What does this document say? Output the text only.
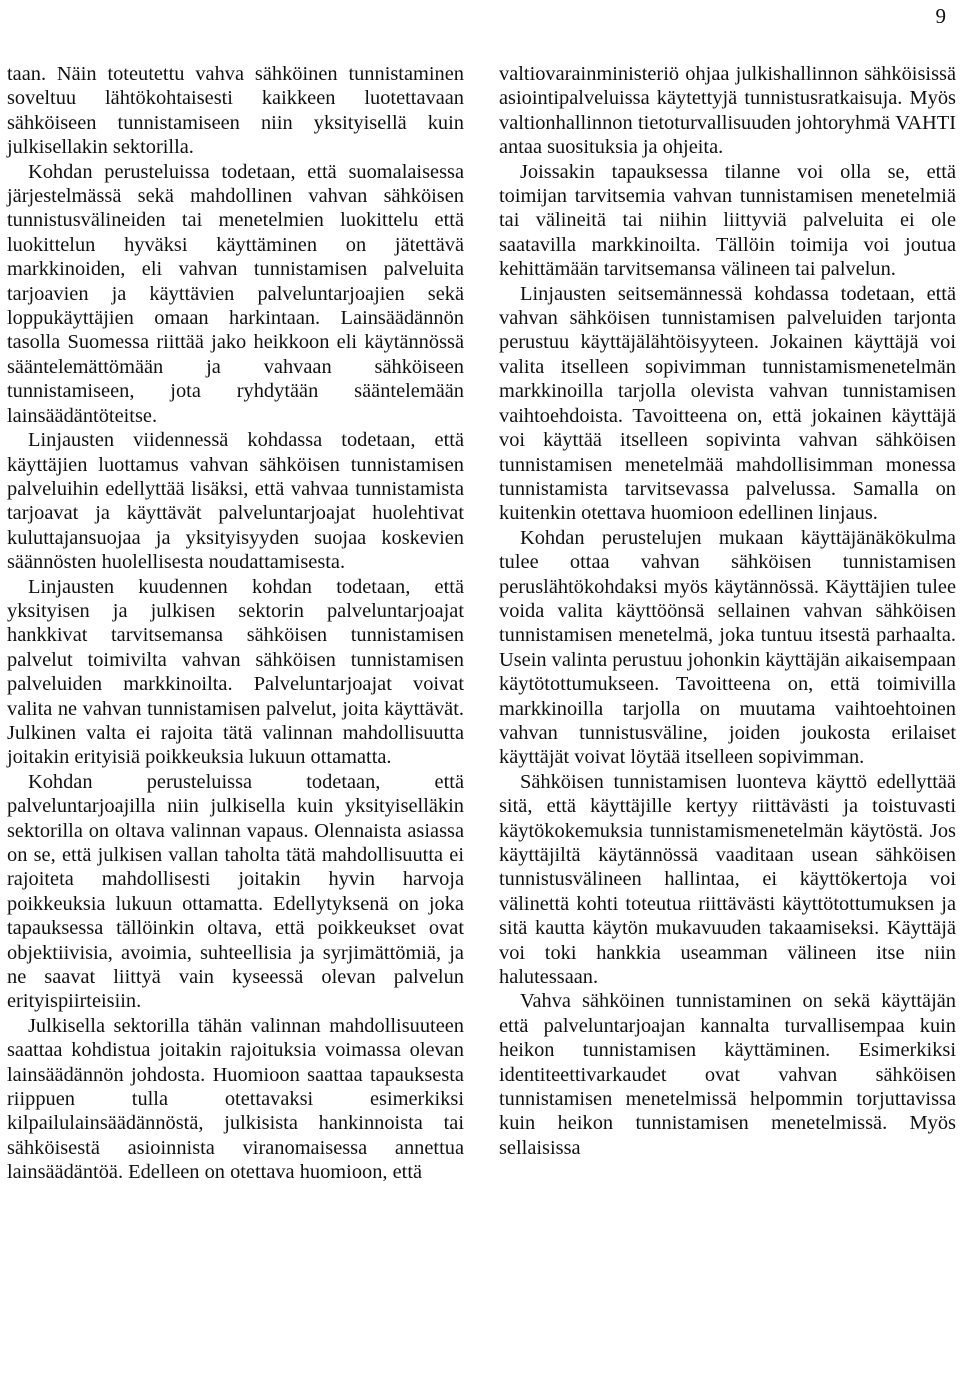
9

taan. Näin toteutettu vahva sähköinen tunnistaminen soveltuu lähtökohtaisesti kaikkeen luotettavaan sähköiseen tunnistamiseen niin yksityisellä kuin julkisellakin sektorilla.

Kohdan perusteluissa todetaan, että suomalaisessa järjestelmässä sekä mahdollinen vahvan sähköisen tunnistusvälineiden tai menetelmien luokittelu että luokittelun hyväksi käyttäminen on jätettävä markkinoiden, eli vahvan tunnistamisen palveluita tarjoavien ja käyttävien palveluntarjoajien sekä loppukäyttäjien omaan harkintaan. Lainsäädännön tasolla Suomessa riittää jako heikkoon eli käytännössä sääntelemättömään ja vahvaan sähköiseen tunnistamiseen, jota ryhdytään sääntelemään lainsäädäntöteitse.

Linjausten viidennessä kohdassa todetaan, että käyttäjien luottamus vahvan sähköisen tunnistamisen palveluihin edellyttää lisäksi, että vahvaa tunnistamista tarjoavat ja käyttävät palveluntarjoajat huolehtivat kuluttajansuojaa ja yksityisyyden suojaa koskevien säännösten huolellisesta noudattamisesta.

Linjausten kuudennen kohdan todetaan, että yksityisen ja julkisen sektorin palveluntarjoajat hankkivat tarvitsemansa sähköisen tunnistamisen palvelut toimivilta vahvan sähköisen tunnistamisen palveluiden markkinoilta. Palveluntarjoajat voivat valita ne vahvan tunnistamisen palvelut, joita käyttävät. Julkinen valta ei rajoita tätä valinnan mahdollisuutta joitakin erityisiä poikkeuksia lukuun ottamatta.

Kohdan perusteluissa todetaan, että palveluntarjoajilla niin julkisella kuin yksityiselläkin sektorilla on oltava valinnan vapaus. Olennaista asiassa on se, että julkisen vallan taholta tätä mahdollisuutta ei rajoiteta mahdollisesti joitakin hyvin harvoja poikkeuksia lukuun ottamatta. Edellytyksenä on joka tapauksessa tällöinkin oltava, että poikkeukset ovat objektiivisia, avoimia, suhteellisia ja syrjimättömiä, ja ne saavat liittyä vain kyseessä olevan palvelun erityispiirteisiin.

Julkisella sektorilla tähän valinnan mahdollisuuteen saattaa kohdistua joitakin rajoituksia voimassa olevan lainsäädännön johdosta. Huomioon saattaa tapauksesta riippuen tulla otettavaksi esimerkiksi kilpailulainsäädännöstä, julkisista hankinnoista tai sähköisestä asioinnista viranomaisessa annettua lainsäädäntöä. Edelleen on otettava huomioon, että

valtiovarainministeriö ohjaa julkishallinnon sähköisissä asiointipalveluissa käytettyjä tunnistusratkaisuja. Myös valtionhallinnon tietoturvallisuuden johtoryhmä VAHTI antaa suosituksia ja ohjeita.

Joissakin tapauksessa tilanne voi olla se, että toimijan tarvitsemia vahvan tunnistamisen menetelmiä tai välineitä tai niihin liittyviä palveluita ei ole saatavilla markkinoilta. Tällöin toimija voi joutua kehittämään tarvitsemansa välineen tai palvelun.

Linjausten seitsemännessä kohdassa todetaan, että vahvan sähköisen tunnistamisen palveluiden tarjonta perustuu käyttäjälähtöisyyteen. Jokainen käyttäjä voi valita itselleen sopivimman tunnistamismenetelmän markkinoilla tarjolla olevista vahvan tunnistamisen vaihtoehdoista. Tavoitteena on, että jokainen käyttäjä voi käyttää itselleen sopivinta vahvan sähköisen tunnistamisen menetelmää mahdollisimman monessa tunnistamista tarvitsevassa palvelussa. Samalla on kuitenkin otettava huomioon edellinen linjaus.

Kohdan perustelujen mukaan käyttäjänäkökulma tulee ottaa vahvan sähköisen tunnistamisen peruslähtökohdaksi myös käytännössä. Käyttäjien tulee voida valita käyttöönsä sellainen vahvan sähköisen tunnistamisen menetelmä, joka tuntuu itsestä parhaalta. Usein valinta perustuu johonkin käyttäjän aikaisempaan käytötottumukseen. Tavoitteena on, että toimivilla markkinoilla tarjolla on muutama vaihtoehtoinen vahvan tunnistusväline, joiden joukosta erilaiset käyttäjät voivat löytää itselleen sopivimman.

Sähköisen tunnistamisen luonteva käyttö edellyttää sitä, että käyttäjille kertyy riittävästi ja toistuvasti käytökokemuksia tunnistamismenetelmän käytöstä. Jos käyttäjiltä käytännössä vaaditaan usean sähköisen tunnistusvälineen hallintaa, ei käyttökertoja voi välinettä kohti toteutua riittävästi käyttötottumuksen ja sitä kautta käytön mukavuuden takaamiseksi. Käyttäjä voi toki hankkia useamman välineen itse niin halutessaan.

Vahva sähköinen tunnistaminen on sekä käyttäjän että palveluntarjoajan kannalta turvallisempaa kuin heikon tunnistamisen käyttäminen. Esimerkiksi identiteettivarkaudet ovat vahvan sähköisen tunnistamisen menetelmissä helpommin torjuttavissa kuin heikon tunnistamisen menetelmissä. Myös sellaisissa
